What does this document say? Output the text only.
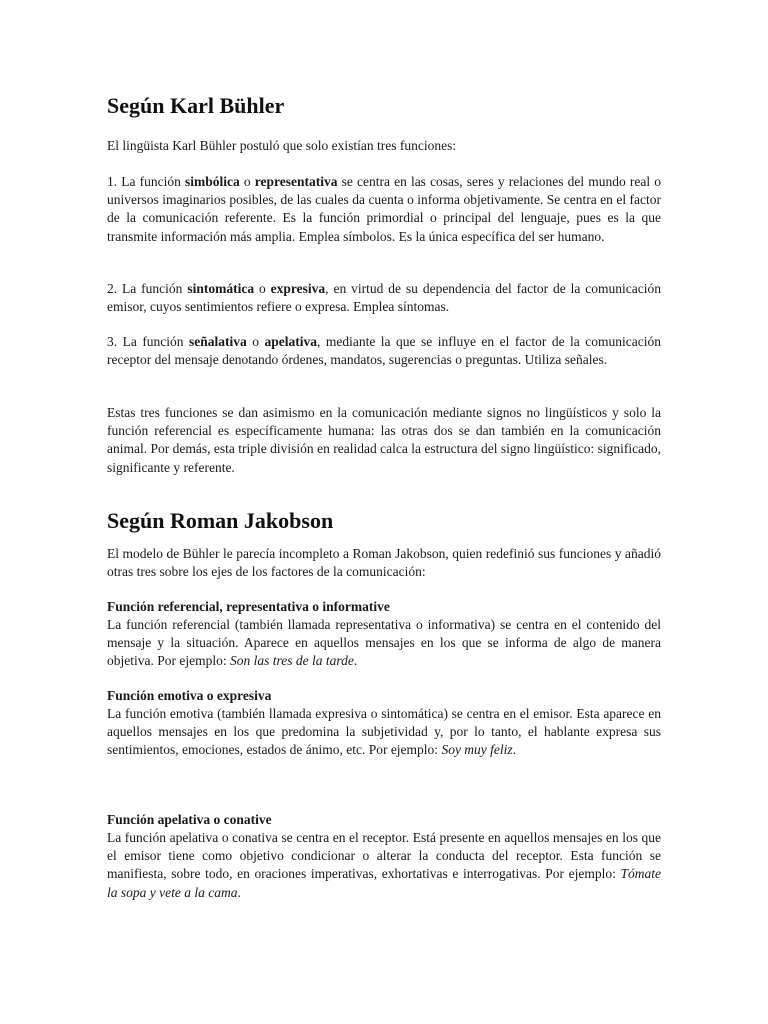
Según Karl Bühler

El lingüista Karl Bühler postuló que solo existían tres funciones:

1. La función simbólica o representativa se centra en las cosas, seres y relaciones del mundo real o universos imaginarios posibles, de las cuales da cuenta o informa objetivamente. Se centra en el factor de la comunicación referente. Es la función primordial o principal del lenguaje, pues es la que transmite información más amplia. Emplea símbolos. Es la única específica del ser humano.

2. La función sintomática o expresiva, en virtud de su dependencia del factor de la comunicación emisor, cuyos sentimientos refiere o expresa. Emplea síntomas.

3. La función señalativa o apelativa, mediante la que se influye en el factor de la comunicación receptor del mensaje denotando órdenes, mandatos, sugerencias o preguntas. Utiliza señales.

Estas tres funciones se dan asimismo en la comunicación mediante signos no lingüísticos y solo la función referencial es específicamente humana: las otras dos se dan también en la comunicación animal. Por demás, esta triple división en realidad calca la estructura del signo lingüístico: significado, significante y referente.

Según Roman Jakobson

El modelo de Bühler le parecía incompleto a Roman Jakobson, quien redefinió sus funciones y añadió otras tres sobre los ejes de los factores de la comunicación:

Función referencial, representativa o informative

La función referencial (también llamada representativa o informativa) se centra en el contenido del mensaje y la situación. Aparece en aquellos mensajes en los que se informa de algo de manera objetiva. Por ejemplo: Son las tres de la tarde.

Función emotiva o expresiva

La función emotiva (también llamada expresiva o sintomática) se centra en el emisor. Esta aparece en aquellos mensajes en los que predomina la subjetividad y, por lo tanto, el hablante expresa sus sentimientos, emociones, estados de ánimo, etc. Por ejemplo: Soy muy feliz.

Función apelativa o conative

La función apelativa o conativa se centra en el receptor. Está presente en aquellos mensajes en los que el emisor tiene como objetivo condicionar o alterar la conducta del receptor. Esta función se manifiesta, sobre todo, en oraciones imperativas, exhortativas e interrogativas. Por ejemplo: Tómate la sopa y vete a la cama.
